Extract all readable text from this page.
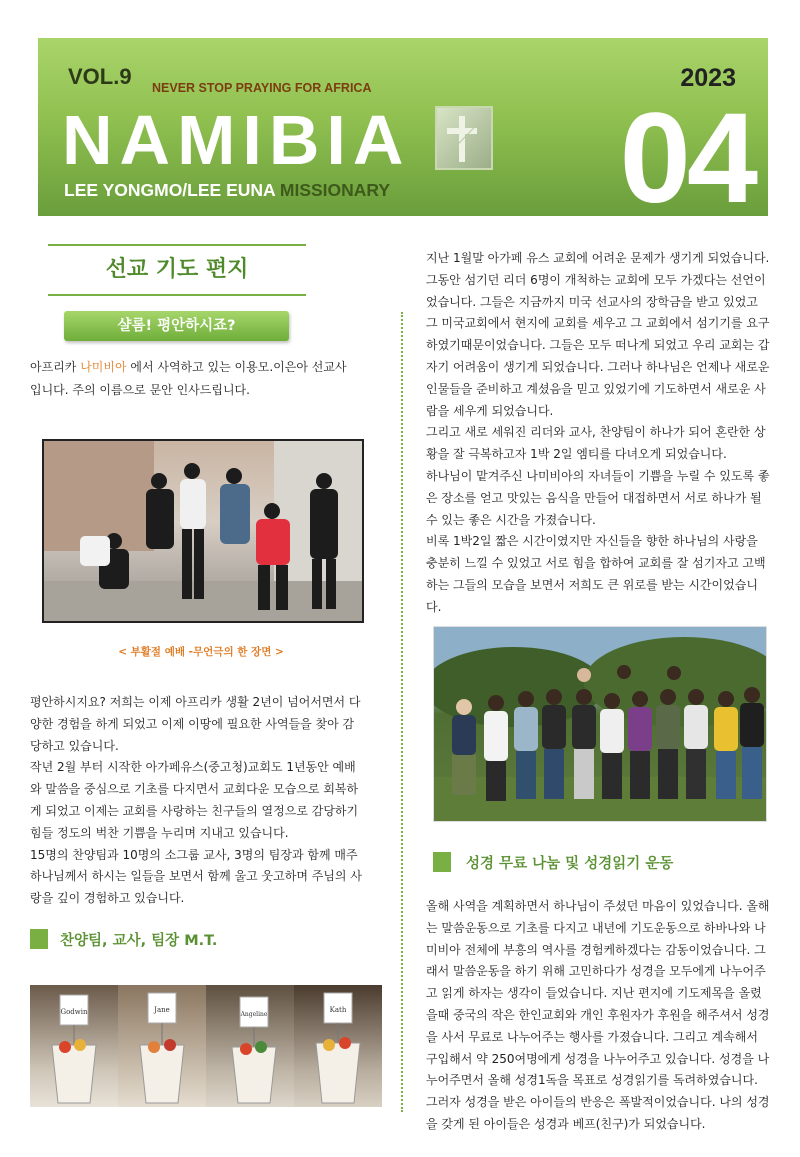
VOL.9 NEVER STOP PRAYING FOR AFRICA	2023
NAMIBIA 04
LEE YONGMO/LEE EUNA MISSIONARY
선교 기도 편지
샬롬! 평안하시죠?
아프리카 나미비아 에서 사역하고 있는 이용모.이은아 선교사입니다. 주의 이름으로 문안 인사드립니다.
< 부활절 예배 -무언극의 한 장면 >

평안하시지요? 저희는 이제 아프리카 생활 2년이 넘어서면서 다양한 경험을 하게 되었고 이제 이땅에 필요한 사역들을 찾아 감당하고 있습니다.

작년 2월 부터 시작한 아가페유스(중고청)교회도 1년동안 예배와 말씀을 중심으로 기초를 다지면서 교회다운 모습으로 회복하게 되었고 이제는 교회를 사랑하는 친구들의 열정으로 감당하기 힘들 정도의 벅찬 기쁨을 누리며 지내고 있습니다.

15명의 찬양팀과 10명의 소그룹 교사, 3명의 팀장과 함께 매주 하나님께서 하시는 일들을 보면서 함께 울고 웃고하며 주님의 사랑을 깊이 경험하고 있습니다.

찬양팀, 교사, 팀장 M.T.
Godwin	Jane
Angeline
Kath

지난 1월말 아가페 유스 교회에 어려운 문제가 생기게 되었습니다. 그동안 섬기던 리더 6명이 개척하는 교회에 모두 가겠다는 선언이었습니다. 그들은 지금까지 미국 선교사의 장학금을 받고 있었고 그 미국교회에서 현지에 교회를 세우고 그 교회에서 섬기기를 요구하였기때문이었습니다. 그들은 모두 떠나게 되었고 우리 교회는 갑자기 어려움이 생기게 되었습니다. 그러나 하나님은 언제나 새로운 인물들을 준비하고 계셨음을 믿고 있었기에 기도하면서 새로운 사람을 세우게 되었습니다.

그리고 새로 세워진 리더와 교사, 찬양팀이 하나가 되어 혼란한 상황을 잘 극복하고자 1박 2일 엠티를 다녀오게 되었습니다.

하나님이 맡겨주신 나미비아의 자녀들이 기쁨을 누릴 수 있도록 좋은 장소를 얻고 맛있는 음식을 만들어 대접하면서 서로 하나가 될 수 있는 좋은 시간을 가졌습니다.

비록 1박2일 짧은 시간이였지만 자신들을 향한 하나님의 사랑을 충분히 느낄 수 있었고 서로 힘을 합하여 교회를 잘 섬기자고 고백하는 그들의 모습을 보면서 저희도 큰 위로를 받는 시간이었습니다.

성경 무료 나눔 및 성경읽기 운동

올해 사역을 계획하면서 하나님이 주셨던 마음이 있었습니다. 올해는 말씀운동으로 기초를 다지고 내년에 기도운동으로 하바나와 나미비아 전체에 부흥의 역사를 경험케하겠다는 감동이었습니다. 그래서 말씀운동을 하기 위해 고민하다가 성경을 모두에게 나누어주고 읽게 하자는 생각이 들었습니다. 지난 편지에 기도제목을 올렸을때 중국의 작은 한인교회와 개인 후원자가 후원을 해주셔서 성경을 사서 무료로 나누어주는 행사를 가졌습니다. 그리고 계속해서 구입해서 약 250여명에게 성경을 나누어주고 있습니다. 성경을 나누어주면서 올해 성경1독을 목표로 성경읽기를 독려하였습니다. 그러자 성경을 받은 아이들의 반응은 폭발적이었습니다. 나의 성경을 갖게 된 아이들은 성경과 베프(친구)가 되었습니다.
